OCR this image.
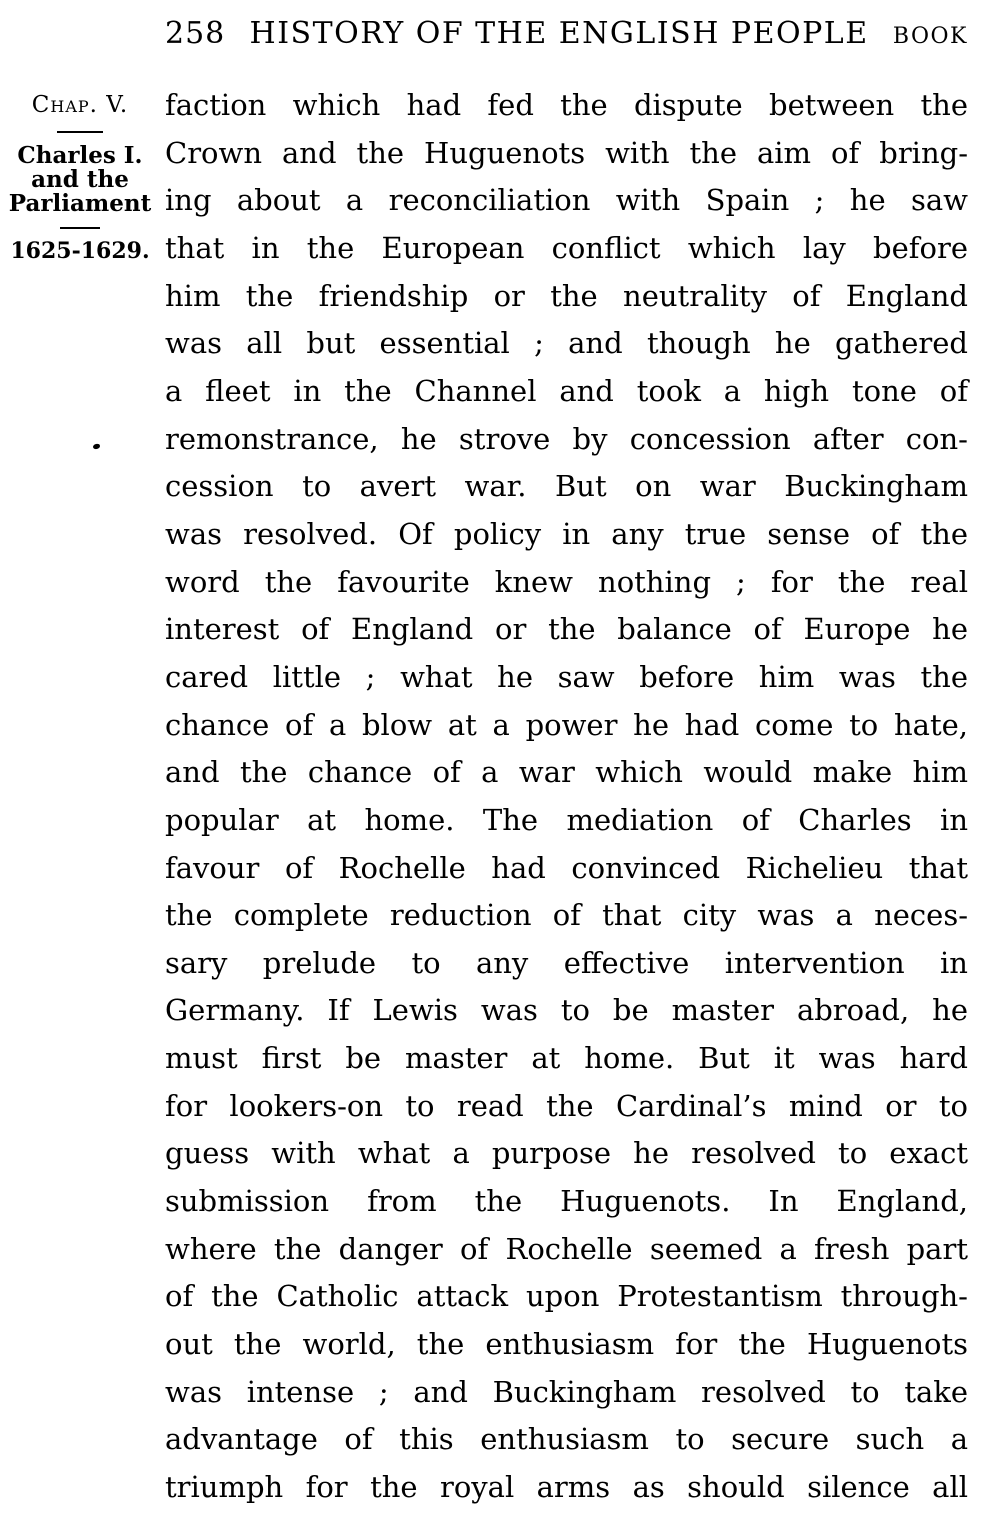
258 HISTORY OF THE ENGLISH PEOPLE	BOOK
Chap. V.
Charles I.
and the
Parliament
1625-1629.
faction which had fed the dispute between the
Crown and the Huguenots with the aim of bring-
ing about a reconciliation with Spain ; he saw
that in the European conflict which lay before
him the friendship or the neutrality of England
was all but essential ; and though he gathered
a fleet in the Channel and took a high tone of
remonstrance, he strove by concession after con-
cession to avert war. But on war Buckingham
was resolved. Of policy in any true sense of the
word the favourite knew nothing ; for the real
interest of England or the balance of Europe he
cared little ; what he saw before him was the
chance of a blow at a power he had come to hate,
and the chance of a war which would make him
popular at home. The mediation of Charles in
favour of Rochelle had convinced Richelieu that
the complete reduction of that city was a neces-
sary prelude to any effective intervention in
Germany. If Lewis was to be master abroad, he
must first be master at home. But it was hard
for lookers-on to read the Cardinal’s mind or to
guess with what a purpose he resolved to exact
submission from the Huguenots. In England,
where the danger of Rochelle seemed a fresh part
of the Catholic attack upon Protestantism through-
out the world, the enthusiasm for the Huguenots
was intense ; and Buckingham resolved to take
advantage of this enthusiasm to secure such a
triumph for the royal arms as should silence all
